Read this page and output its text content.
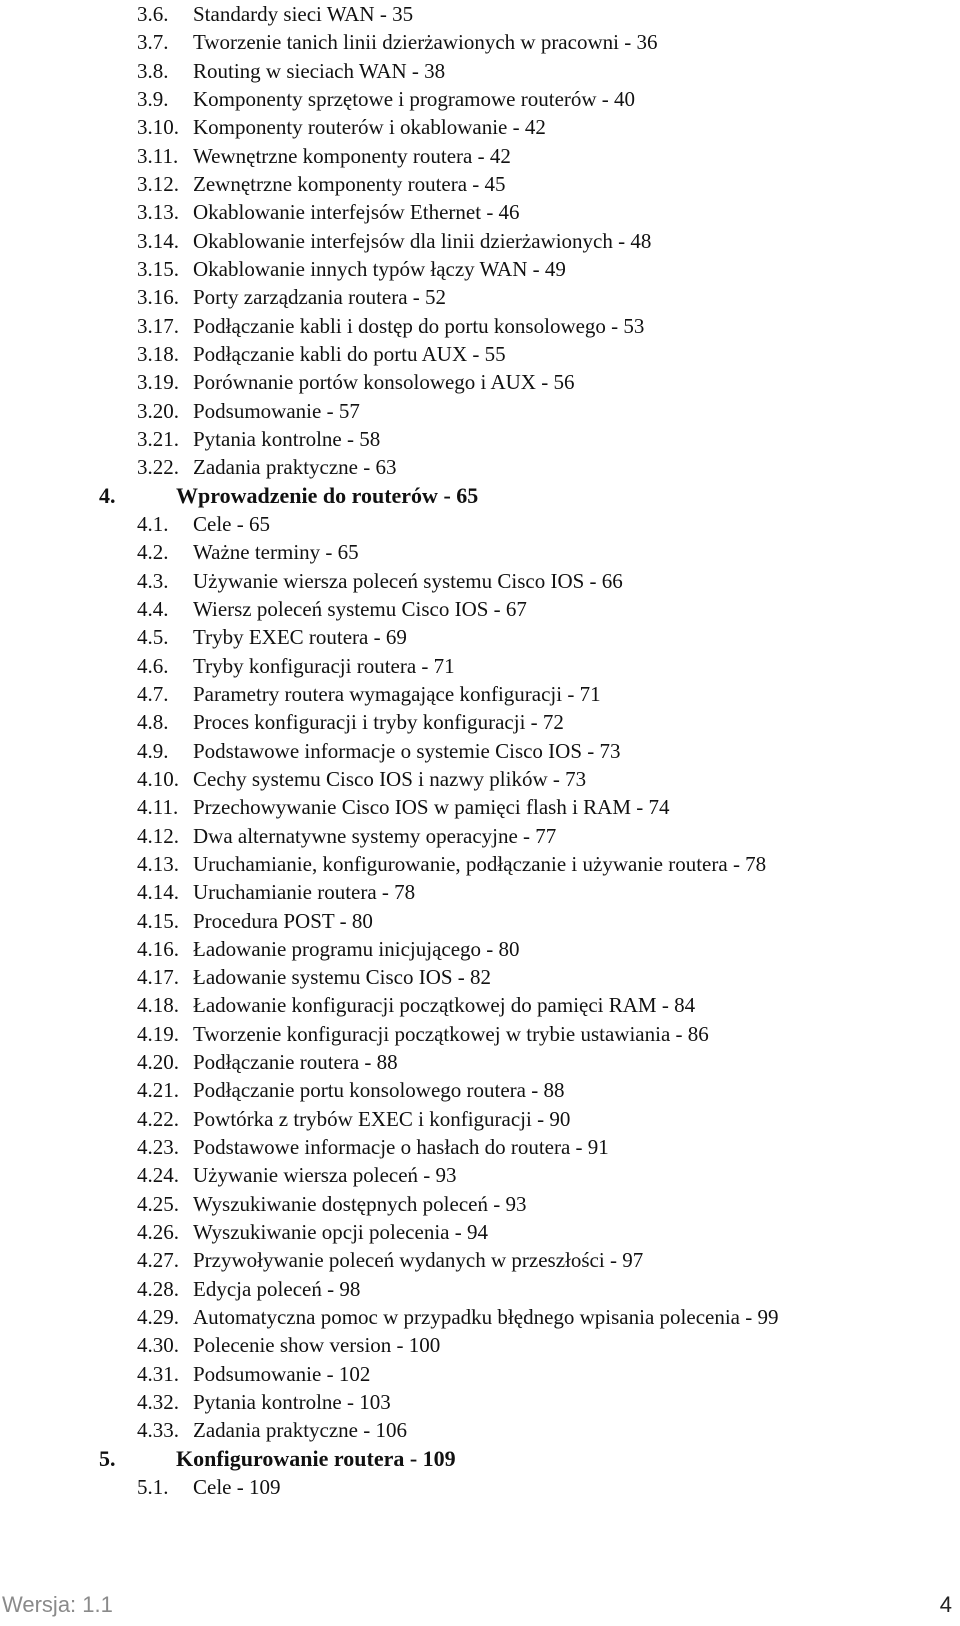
3.6. Standardy sieci WAN - 35
3.7. Tworzenie tanich linii dzierżawionych w pracowni - 36
3.8. Routing w sieciach WAN - 38
3.9. Komponenty sprzętowe i programowe routerów - 40
3.10. Komponenty routerów i okablowanie - 42
3.11. Wewnętrzne komponenty routera - 42
3.12. Zewnętrzne komponenty routera - 45
3.13. Okablowanie interfejsów Ethernet - 46
3.14. Okablowanie interfejsów dla linii dzierżawionych - 48
3.15. Okablowanie innych typów łączy WAN - 49
3.16. Porty zarządzania routera - 52
3.17. Podłączanie kabli i dostęp do portu konsolowego - 53
3.18. Podłączanie kabli do portu AUX - 55
3.19. Porównanie portów konsolowego i AUX - 56
3.20. Podsumowanie - 57
3.21. Pytania kontrolne - 58
3.22. Zadania praktyczne - 63
4.	Wprowadzenie do routerów - 65
4.1. Cele - 65
4.2. Ważne terminy - 65
4.3. Używanie wiersza poleceń systemu Cisco IOS - 66
4.4. Wiersz poleceń systemu Cisco IOS - 67
4.5. Tryby EXEC routera - 69
4.6. Tryby konfiguracji routera - 71
4.7. Parametry routera wymagające konfiguracji - 71
4.8. Proces konfiguracji i tryby konfiguracji - 72
4.9. Podstawowe informacje o systemie Cisco IOS - 73
4.10. Cechy systemu Cisco IOS i nazwy plików - 73
4.11. Przechowywanie Cisco IOS w pamięci flash i RAM - 74
4.12. Dwa alternatywne systemy operacyjne - 77
4.13. Uruchamianie, konfigurowanie, podłączanie i używanie routera - 78
4.14. Uruchamianie routera - 78
4.15. Procedura POST - 80
4.16. Ładowanie programu inicjującego - 80
4.17. Ładowanie systemu Cisco IOS - 82
4.18. Ładowanie konfiguracji początkowej do pamięci RAM - 84
4.19. Tworzenie konfiguracji początkowej w trybie ustawiania - 86
4.20. Podłączanie routera - 88
4.21. Podłączanie portu konsolowego routera - 88
4.22. Powtórka z trybów EXEC i konfiguracji - 90
4.23. Podstawowe informacje o hasłach do routera - 91
4.24. Używanie wiersza poleceń - 93
4.25. Wyszukiwanie dostępnych poleceń - 93
4.26. Wyszukiwanie opcji polecenia - 94
4.27. Przywoływanie poleceń wydanych w przeszłości - 97
4.28. Edycja poleceń - 98
4.29. Automatyczna pomoc w przypadku błędnego wpisania polecenia - 99
4.30. Polecenie show version - 100
4.31. Podsumowanie - 102
4.32. Pytania kontrolne - 103
4.33. Zadania praktyczne - 106
5.	Konfigurowanie routera - 109
5.1. Cele - 109
Wersja: 1.1	4
